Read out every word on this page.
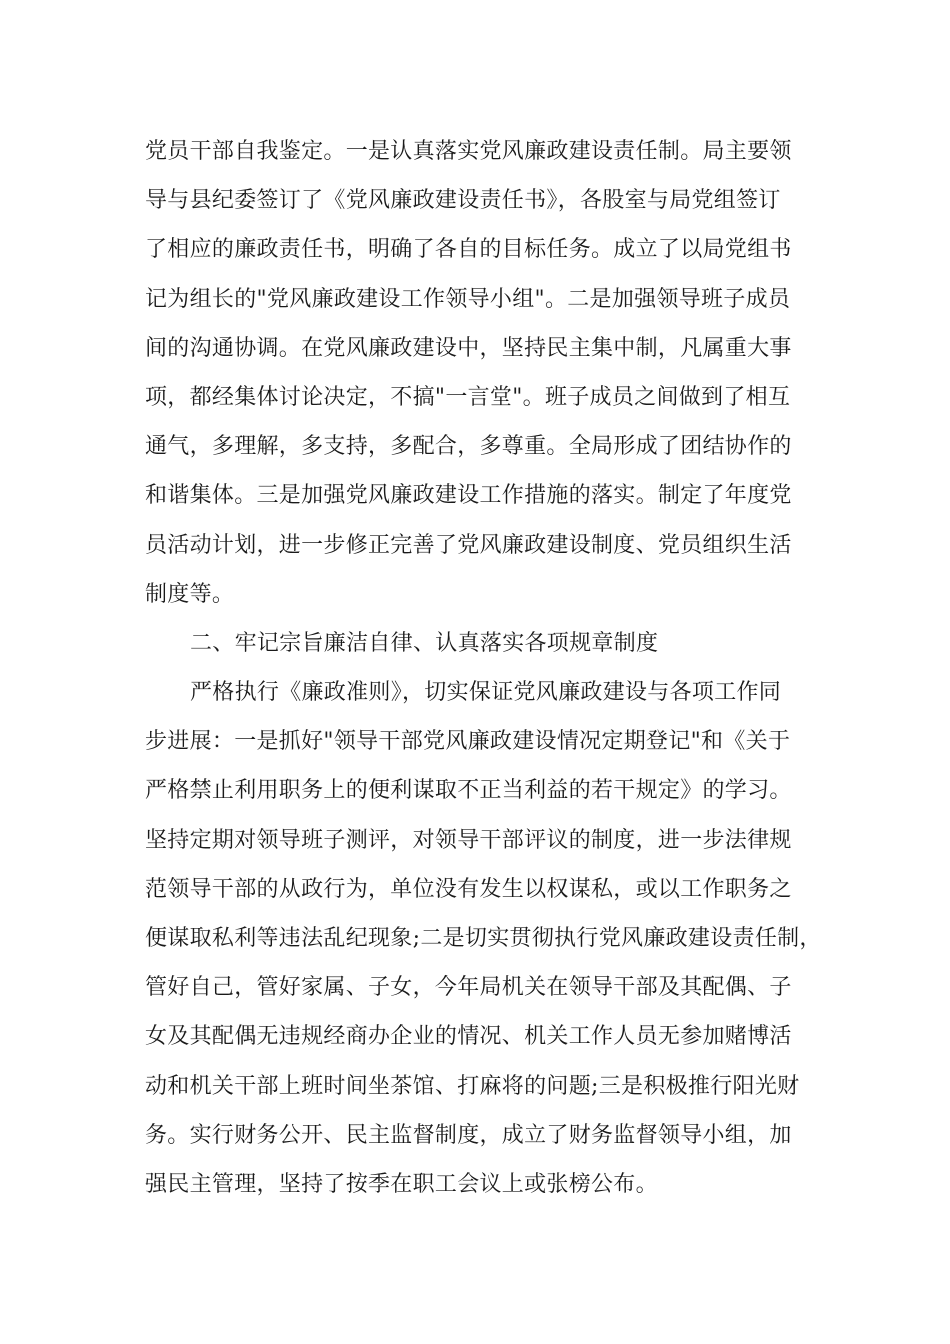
党员干部自我鉴定。一是认真落实党风廉政建设责任制。局主要领
导与县纪委签订了《党风廉政建设责任书》，各股室与局党组签订
了相应的廉政责任书，明确了各自的目标任务。成立了以局党组书
记为组长的"党风廉政建设工作领导小组"。二是加强领导班子成员
间的沟通协调。在党风廉政建设中，坚持民主集中制，凡属重大事
项，都经集体讨论决定，不搞"一言堂"。班子成员之间做到了相互
通气，多理解，多支持，多配合，多尊重。全局形成了团结协作的
和谐集体。三是加强党风廉政建设工作措施的落实。制定了年度党
员活动计划，进一步修正完善了党风廉政建设制度、党员组织生活
制度等。
二、牢记宗旨廉洁自律、认真落实各项规章制度
严格执行《廉政准则》，切实保证党风廉政建设与各项工作同
步进展：一是抓好"领导干部党风廉政建设情况定期登记"和《关于
严格禁止利用职务上的便利谋取不正当利益的若干规定》的学习。
坚持定期对领导班子测评，对领导干部评议的制度，进一步法律规
范领导干部的从政行为，单位没有发生以权谋私，或以工作职务之
便谋取私利等违法乱纪现象;二是切实贯彻执行党风廉政建设责任制，
管好自己，管好家属、子女，今年局机关在领导干部及其配偶、子
女及其配偶无违规经商办企业的情况、机关工作人员无参加赌博活
动和机关干部上班时间坐茶馆、打麻将的问题;三是积极推行阳光财
务。实行财务公开、民主监督制度，成立了财务监督领导小组，加
强民主管理，坚持了按季在职工会议上或张榜公布。
